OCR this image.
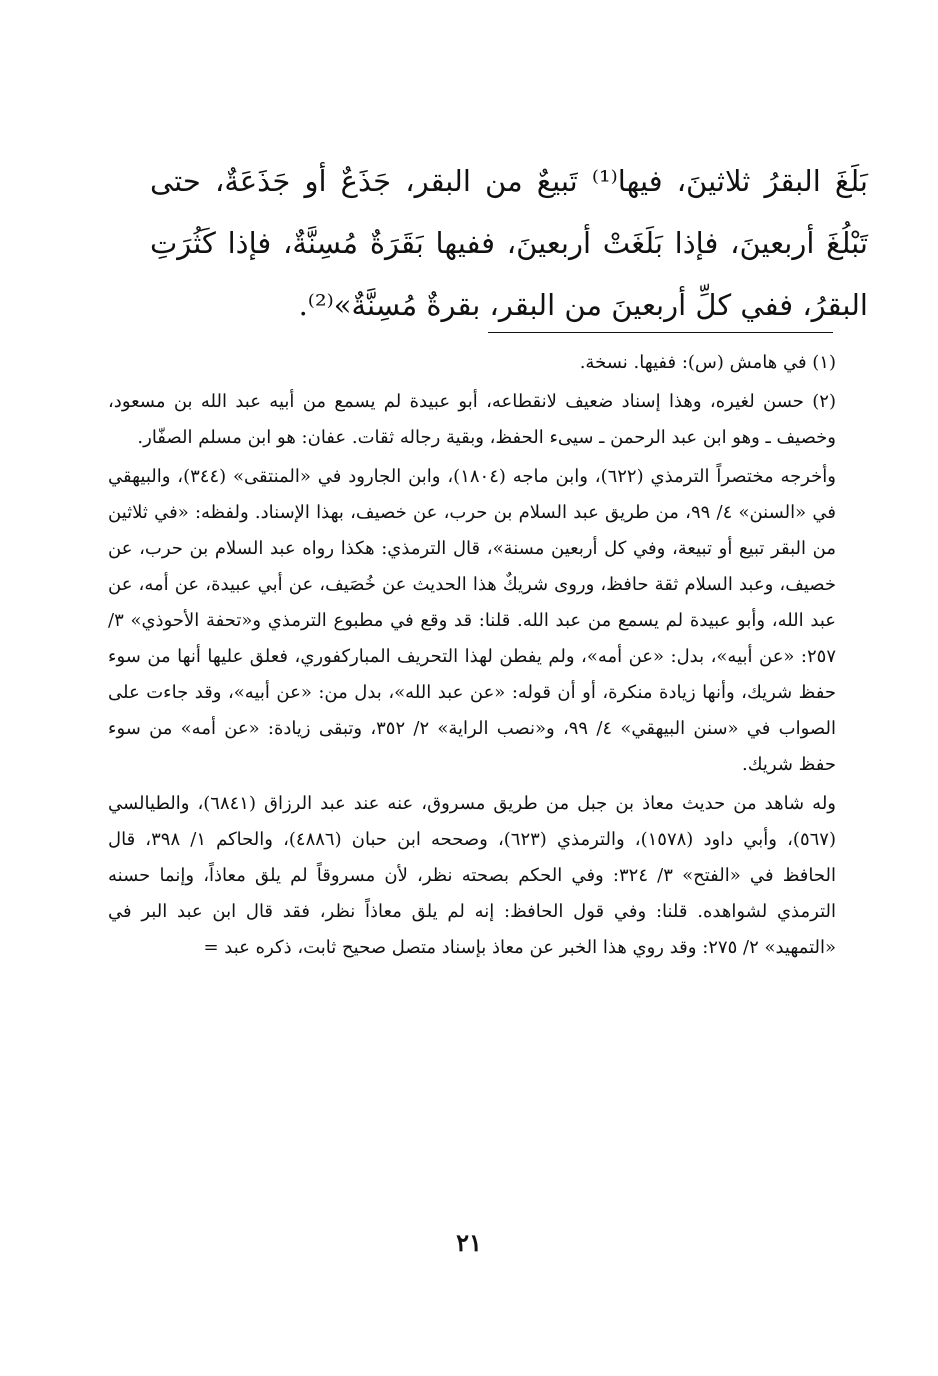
بَلَغَ البقرُ ثلاثينَ، فيها⁽¹⁾ تَبيعٌ من البقر، جَذَعٌ أو جَذَعَةٌ، حتى تَبْلُغَ أربعينَ، فإذا بَلَغَتْ أربعينَ، ففيها بَقَرَةٌ مُسِنَّةٌ، فإذا كَثُرَتِ البقرُ، ففي كلِّ أربعينَ من البقر، بقرةٌ مُسِنَّةٌ»⁽²⁾.

(١) في هامش (س): ففيها. نسخة.

(٢) حسن لغيره، وهذا إسناد ضعيف لانقطاعه، أبو عبيدة لم يسمع من أبيه عبد الله بن مسعود، وخصيف ـ وهو ابن عبد الرحمن ـ سيىء الحفظ، وبقية رجاله ثقات. عفان: هو ابن مسلم الصفّار.

وأخرجه مختصراً الترمذي (٦٢٢)، وابن ماجه (١٨٠٤)، وابن الجارود في «المنتقى» (٣٤٤)، والبيهقي في «السنن» ٤/ ٩٩، من طريق عبد السلام بن حرب، عن خصيف، بهذا الإسناد. ولفظه: «في ثلاثين من البقر تبيع أو تبيعة، وفي كل أربعين مسنة»، قال الترمذي: هكذا رواه عبد السلام بن حرب، عن خصيف، وعبد السلام ثقة حافظ، وروى شريكٌ هذا الحديث عن خُصَيف، عن أبي عبيدة، عن أمه، عن عبد الله، وأبو عبيدة لم يسمع من عبد الله. قلنا: قد وقع في مطبوع الترمذي و«تحفة الأحوذي» ٣/ ٢٥٧: «عن أبيه»، بدل: «عن أمه»، ولم يفطن لهذا التحريف المباركفوري، فعلق عليها أنها من سوء حفظ شريك، وأنها زيادة منكرة، أو أن قوله: «عن عبد الله»، بدل من: «عن أبيه»، وقد جاءت على الصواب في «سنن البيهقي» ٤/ ٩٩، و«نصب الراية» ٢/ ٣٥٢، وتبقى زيادة: «عن أمه» من سوء حفظ شريك.

وله شاهد من حديث معاذ بن جبل من طريق مسروق، عنه عند عبد الرزاق (٦٨٤١)، والطيالسي (٥٦٧)، وأبي داود (١٥٧٨)، والترمذي (٦٢٣)، وصححه ابن حبان (٤٨٨٦)، والحاكم ١/ ٣٩٨، قال الحافظ في «الفتح» ٣/ ٣٢٤: وفي الحكم بصحته نظر، لأن مسروقاً لم يلق معاذاً، وإنما حسنه الترمذي لشواهده. قلنا: وفي قول الحافظ: إنه لم يلق معاذاً نظر، فقد قال ابن عبد البر في «التمهيد» ٢/ ٢٧٥: وقد روي هذا الخبر عن معاذ بإسناد متصل صحيح ثابت، ذكره عبد =

٢١
